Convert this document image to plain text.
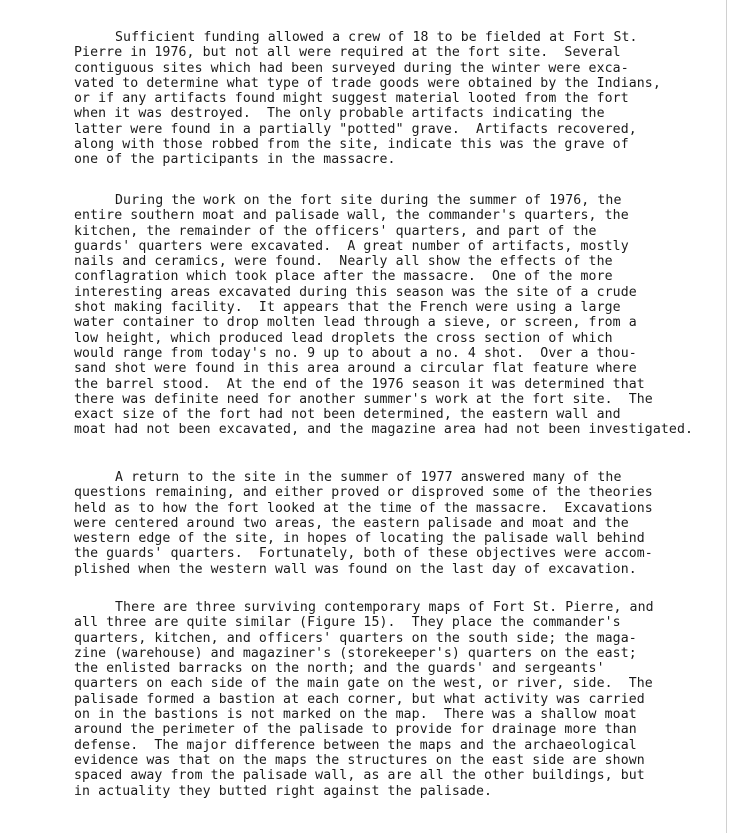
Sufficient funding allowed a crew of 18 to be fielded at Fort St.
Pierre in 1976, but not all were required at the fort site.  Several
contiguous sites which had been surveyed during the winter were exca-
vated to determine what type of trade goods were obtained by the Indians,
or if any artifacts found might suggest material looted from the fort
when it was destroyed.  The only probable artifacts indicating the
latter were found in a partially "potted" grave.  Artifacts recovered,
along with those robbed from the site, indicate this was the grave of
one of the participants in the massacre.

During the work on the fort site during the summer of 1976, the
entire southern moat and palisade wall, the commander's quarters, the
kitchen, the remainder of the officers' quarters, and part of the
guards' quarters were excavated.  A great number of artifacts, mostly
nails and ceramics, were found.  Nearly all show the effects of the
conflagration which took place after the massacre.  One of the more
interesting areas excavated during this season was the site of a crude
shot making facility.  It appears that the French were using a large
water container to drop molten lead through a sieve, or screen, from a
low height, which produced lead droplets the cross section of which
would range from today's no. 9 up to about a no. 4 shot.  Over a thou-
sand shot were found in this area around a circular flat feature where
the barrel stood.  At the end of the 1976 season it was determined that
there was definite need for another summer's work at the fort site.  The
exact size of the fort had not been determined, the eastern wall and
moat had not been excavated, and the magazine area had not been investigated.

A return to the site in the summer of 1977 answered many of the
questions remaining, and either proved or disproved some of the theories
held as to how the fort looked at the time of the massacre.  Excavations
were centered around two areas, the eastern palisade and moat and the
western edge of the site, in hopes of locating the palisade wall behind
the guards' quarters.  Fortunately, both of these objectives were accom-
plished when the western wall was found on the last day of excavation.

There are three surviving contemporary maps of Fort St. Pierre, and
all three are quite similar (Figure 15).  They place the commander's
quarters, kitchen, and officers' quarters on the south side; the maga-
zine (warehouse) and magaziner's (storekeeper's) quarters on the east;
the enlisted barracks on the north; and the guards' and sergeants'
quarters on each side of the main gate on the west, or river, side.  The
palisade formed a bastion at each corner, but what activity was carried
on in the bastions is not marked on the map.  There was a shallow moat
around the perimeter of the palisade to provide for drainage more than
defense.  The major difference between the maps and the archaeological
evidence was that on the maps the structures on the east side are shown
spaced away from the palisade wall, as are all the other buildings, but
in actuality they butted right against the palisade.
